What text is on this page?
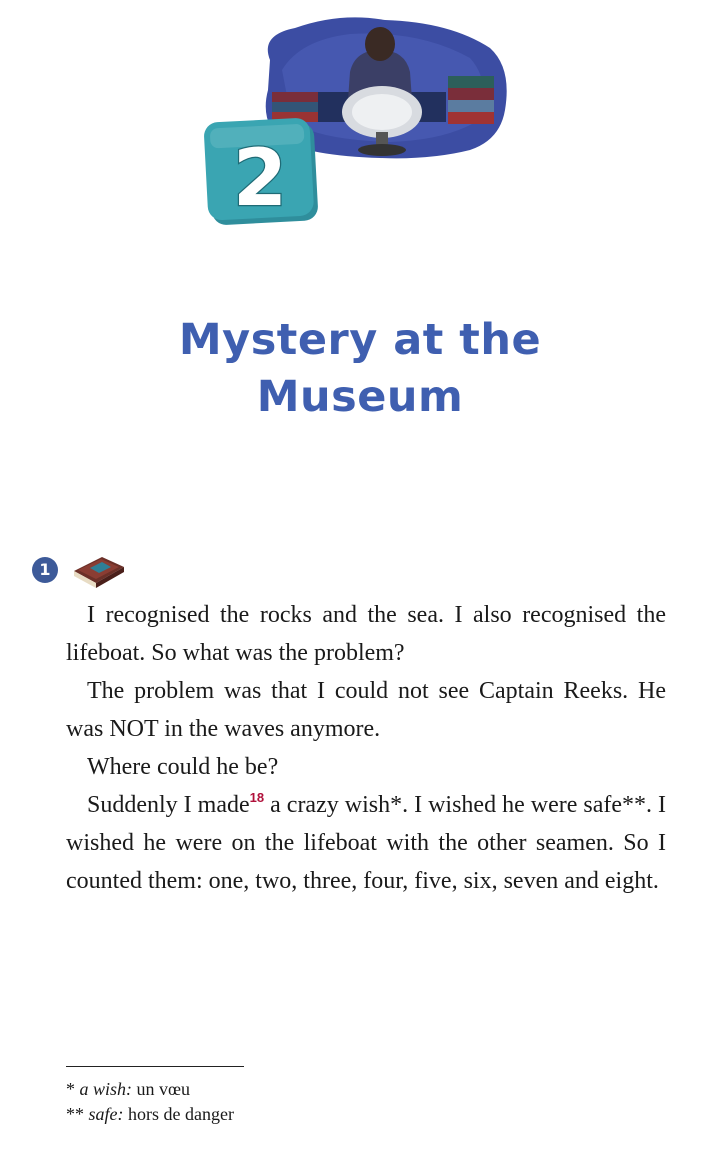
2
Mystery at the
Museum
1

I recognised the rocks and the sea. I also recognised the lifeboat. So what was the problem?

The problem was that I could not see Captain Reeks. He was NOT in the waves anymore.

Where could he be?

Suddenly I made$^{18}$ a crazy wish*. I wished he were safe**. I wished he were on the lifeboat with the other seamen. So I counted them: one, two, three, four, five, six, seven and eight.

* a wish: un vœu
** safe: hors de danger
